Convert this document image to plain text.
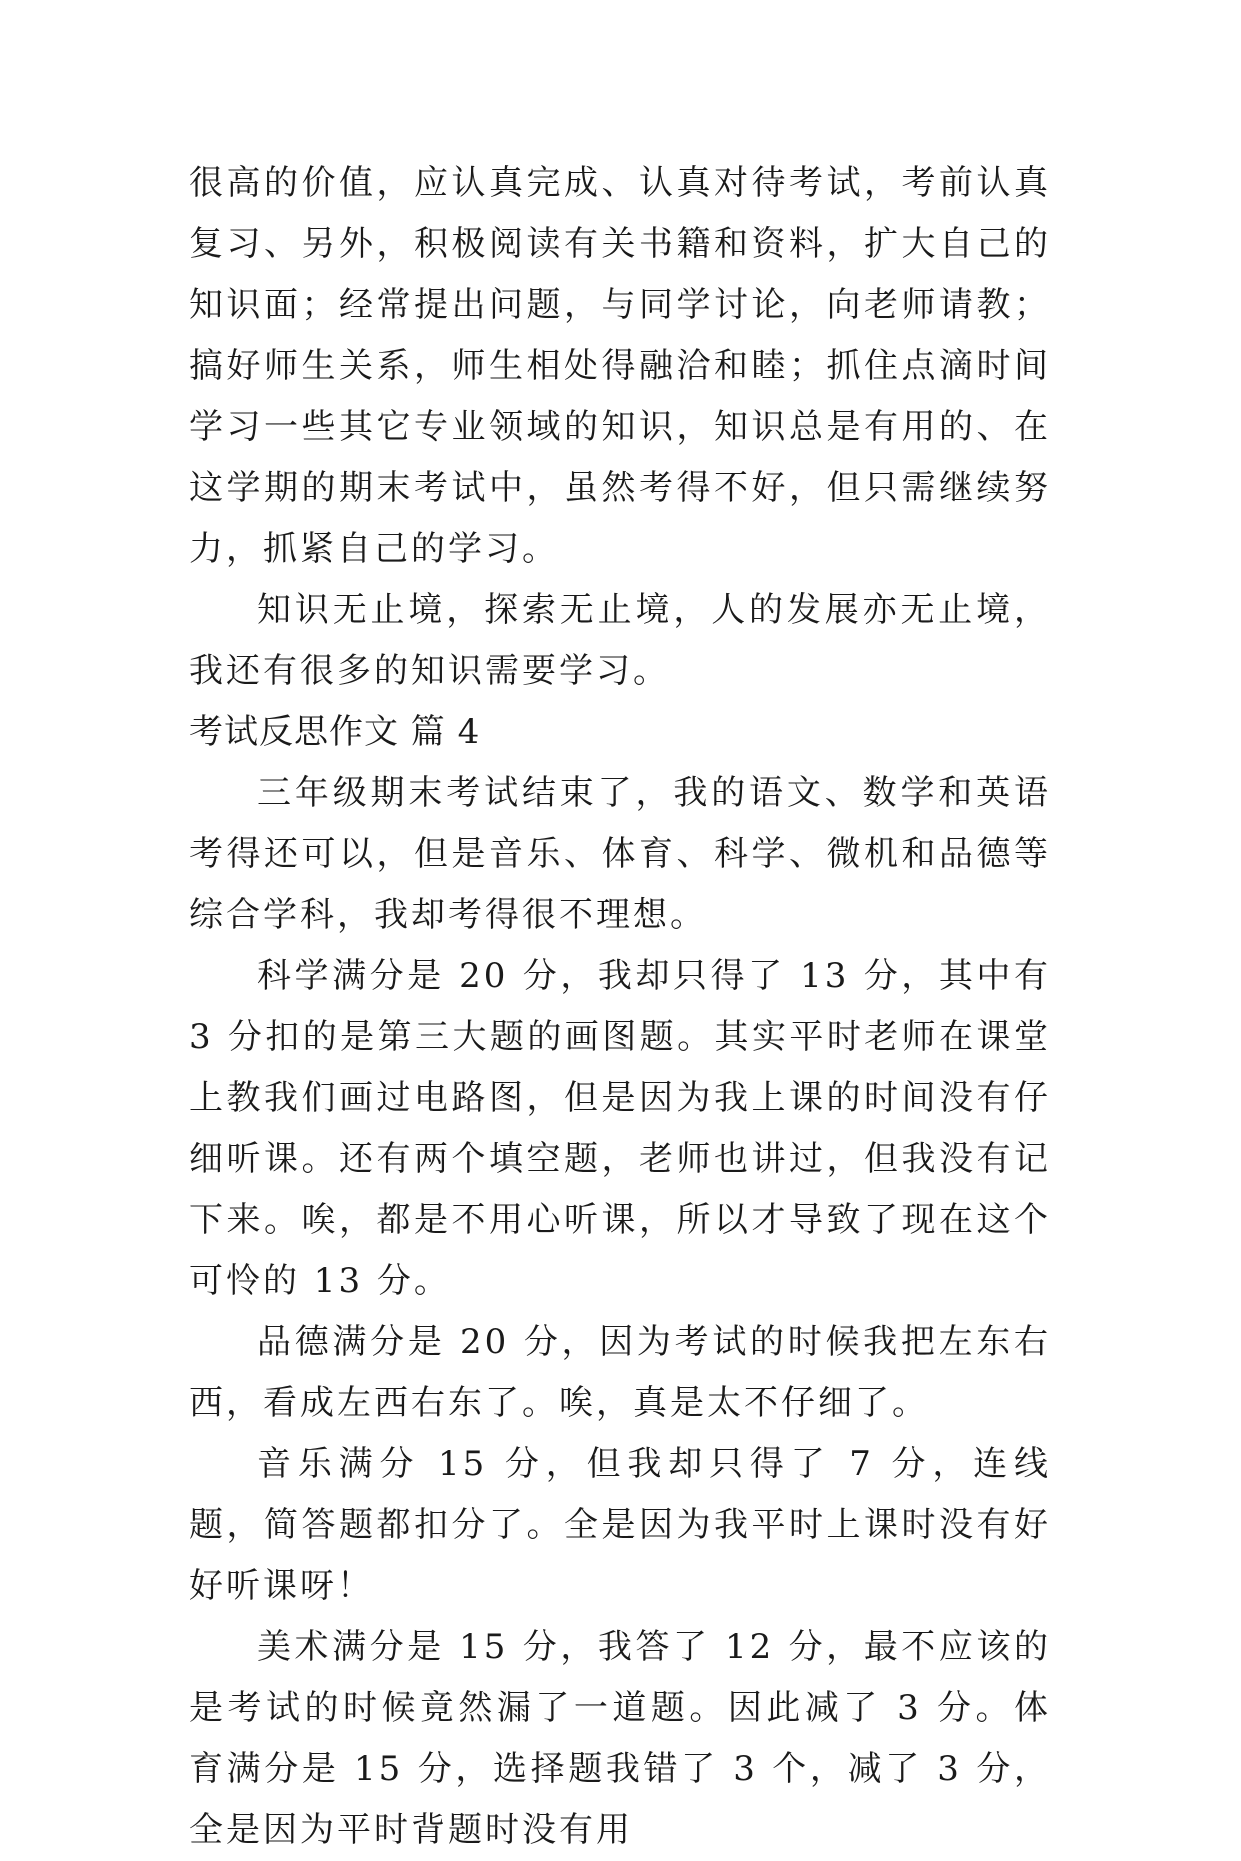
很高的价值，应认真完成、认真对待考试，考前认真复习、另外，积极阅读有关书籍和资料，扩大自己的知识面；经常提出问题，与同学讨论，向老师请教；搞好师生关系，师生相处得融洽和睦；抓住点滴时间学习一些其它专业领域的知识，知识总是有用的、在这学期的期末考试中，虽然考得不好，但只需继续努力，抓紧自己的学习。

知识无止境，探索无止境，人的发展亦无止境，我还有很多的知识需要学习。

考试反思作文 篇 4

三年级期末考试结束了，我的语文、数学和英语考得还可以，但是音乐、体育、科学、微机和品德等综合学科，我却考得很不理想。

科学满分是 20 分，我却只得了 13 分，其中有 3 分扣的是第三大题的画图题。其实平时老师在课堂上教我们画过电路图，但是因为我上课的时间没有仔细听课。还有两个填空题，老师也讲过，但我没有记下来。唉，都是不用心听课，所以才导致了现在这个可怜的 13 分。

品德满分是 20 分，因为考试的时候我把左东右西，看成左西右东了。唉，真是太不仔细了。

音乐满分 15 分，但我却只得了 7 分，连线题，简答题都扣分了。全是因为我平时上课时没有好好听课呀！

美术满分是 15 分，我答了 12 分，最不应该的是考试的时候竟然漏了一道题。因此减了 3 分。体育满分是 15 分，选择题我错了 3 个，减了 3 分，全是因为平时背题时没有用
